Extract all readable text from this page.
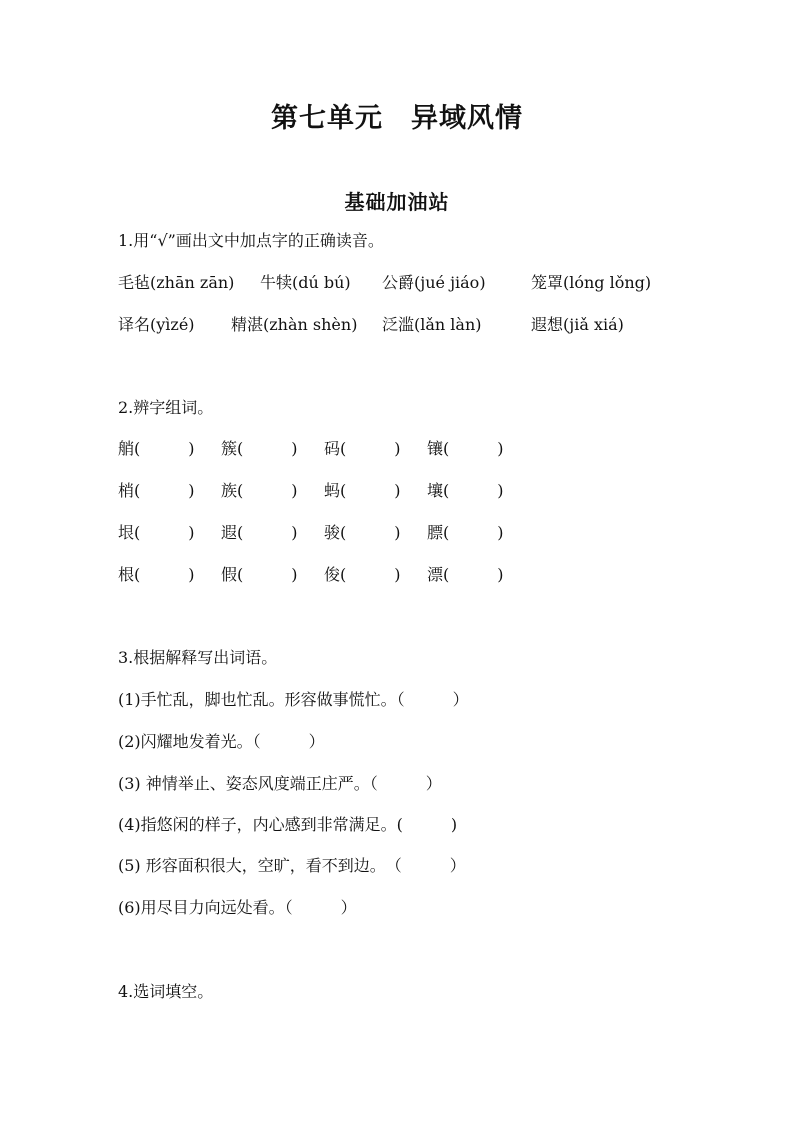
第七单元　异域风情
基础加油站
1.用“√”画出文中加点字的正确读音。
毛毡(zhān zān) 牛犊(dú bú) 公爵(jué jiáo)	笼罩(lóng lǒng)
译名(yìzé) 精湛(zhàn shèn) 泛滥(lǎn làn)	遐想(jiǎ xiá)
2.辨字组词。
艄(　　　) 簇(　　　) 码(　　　) 镶(　　　)
梢(　　　) 族(　　　) 蚂(　　　) 壤(　　　)
垠(　　　) 遐(　　　) 骏(　　　) 膘(　　　)
根(　　　) 假(　　　) 俊(　　　) 漂(　　　)
3.根据解释写出词语。
(1)手忙乱，脚也忙乱。形容做事慌忙。（　　　）
(2)闪耀地发着光。（　　　）
(3) 神情举止、姿态风度端正庄严。（　　　）
(4)指悠闲的样子，内心感到非常满足。(　　　)
(5) 形容面积很大，空旷，看不到边。　（　　　）
(6)用尽目力向远处看。（　　　）
4.选词填空。
